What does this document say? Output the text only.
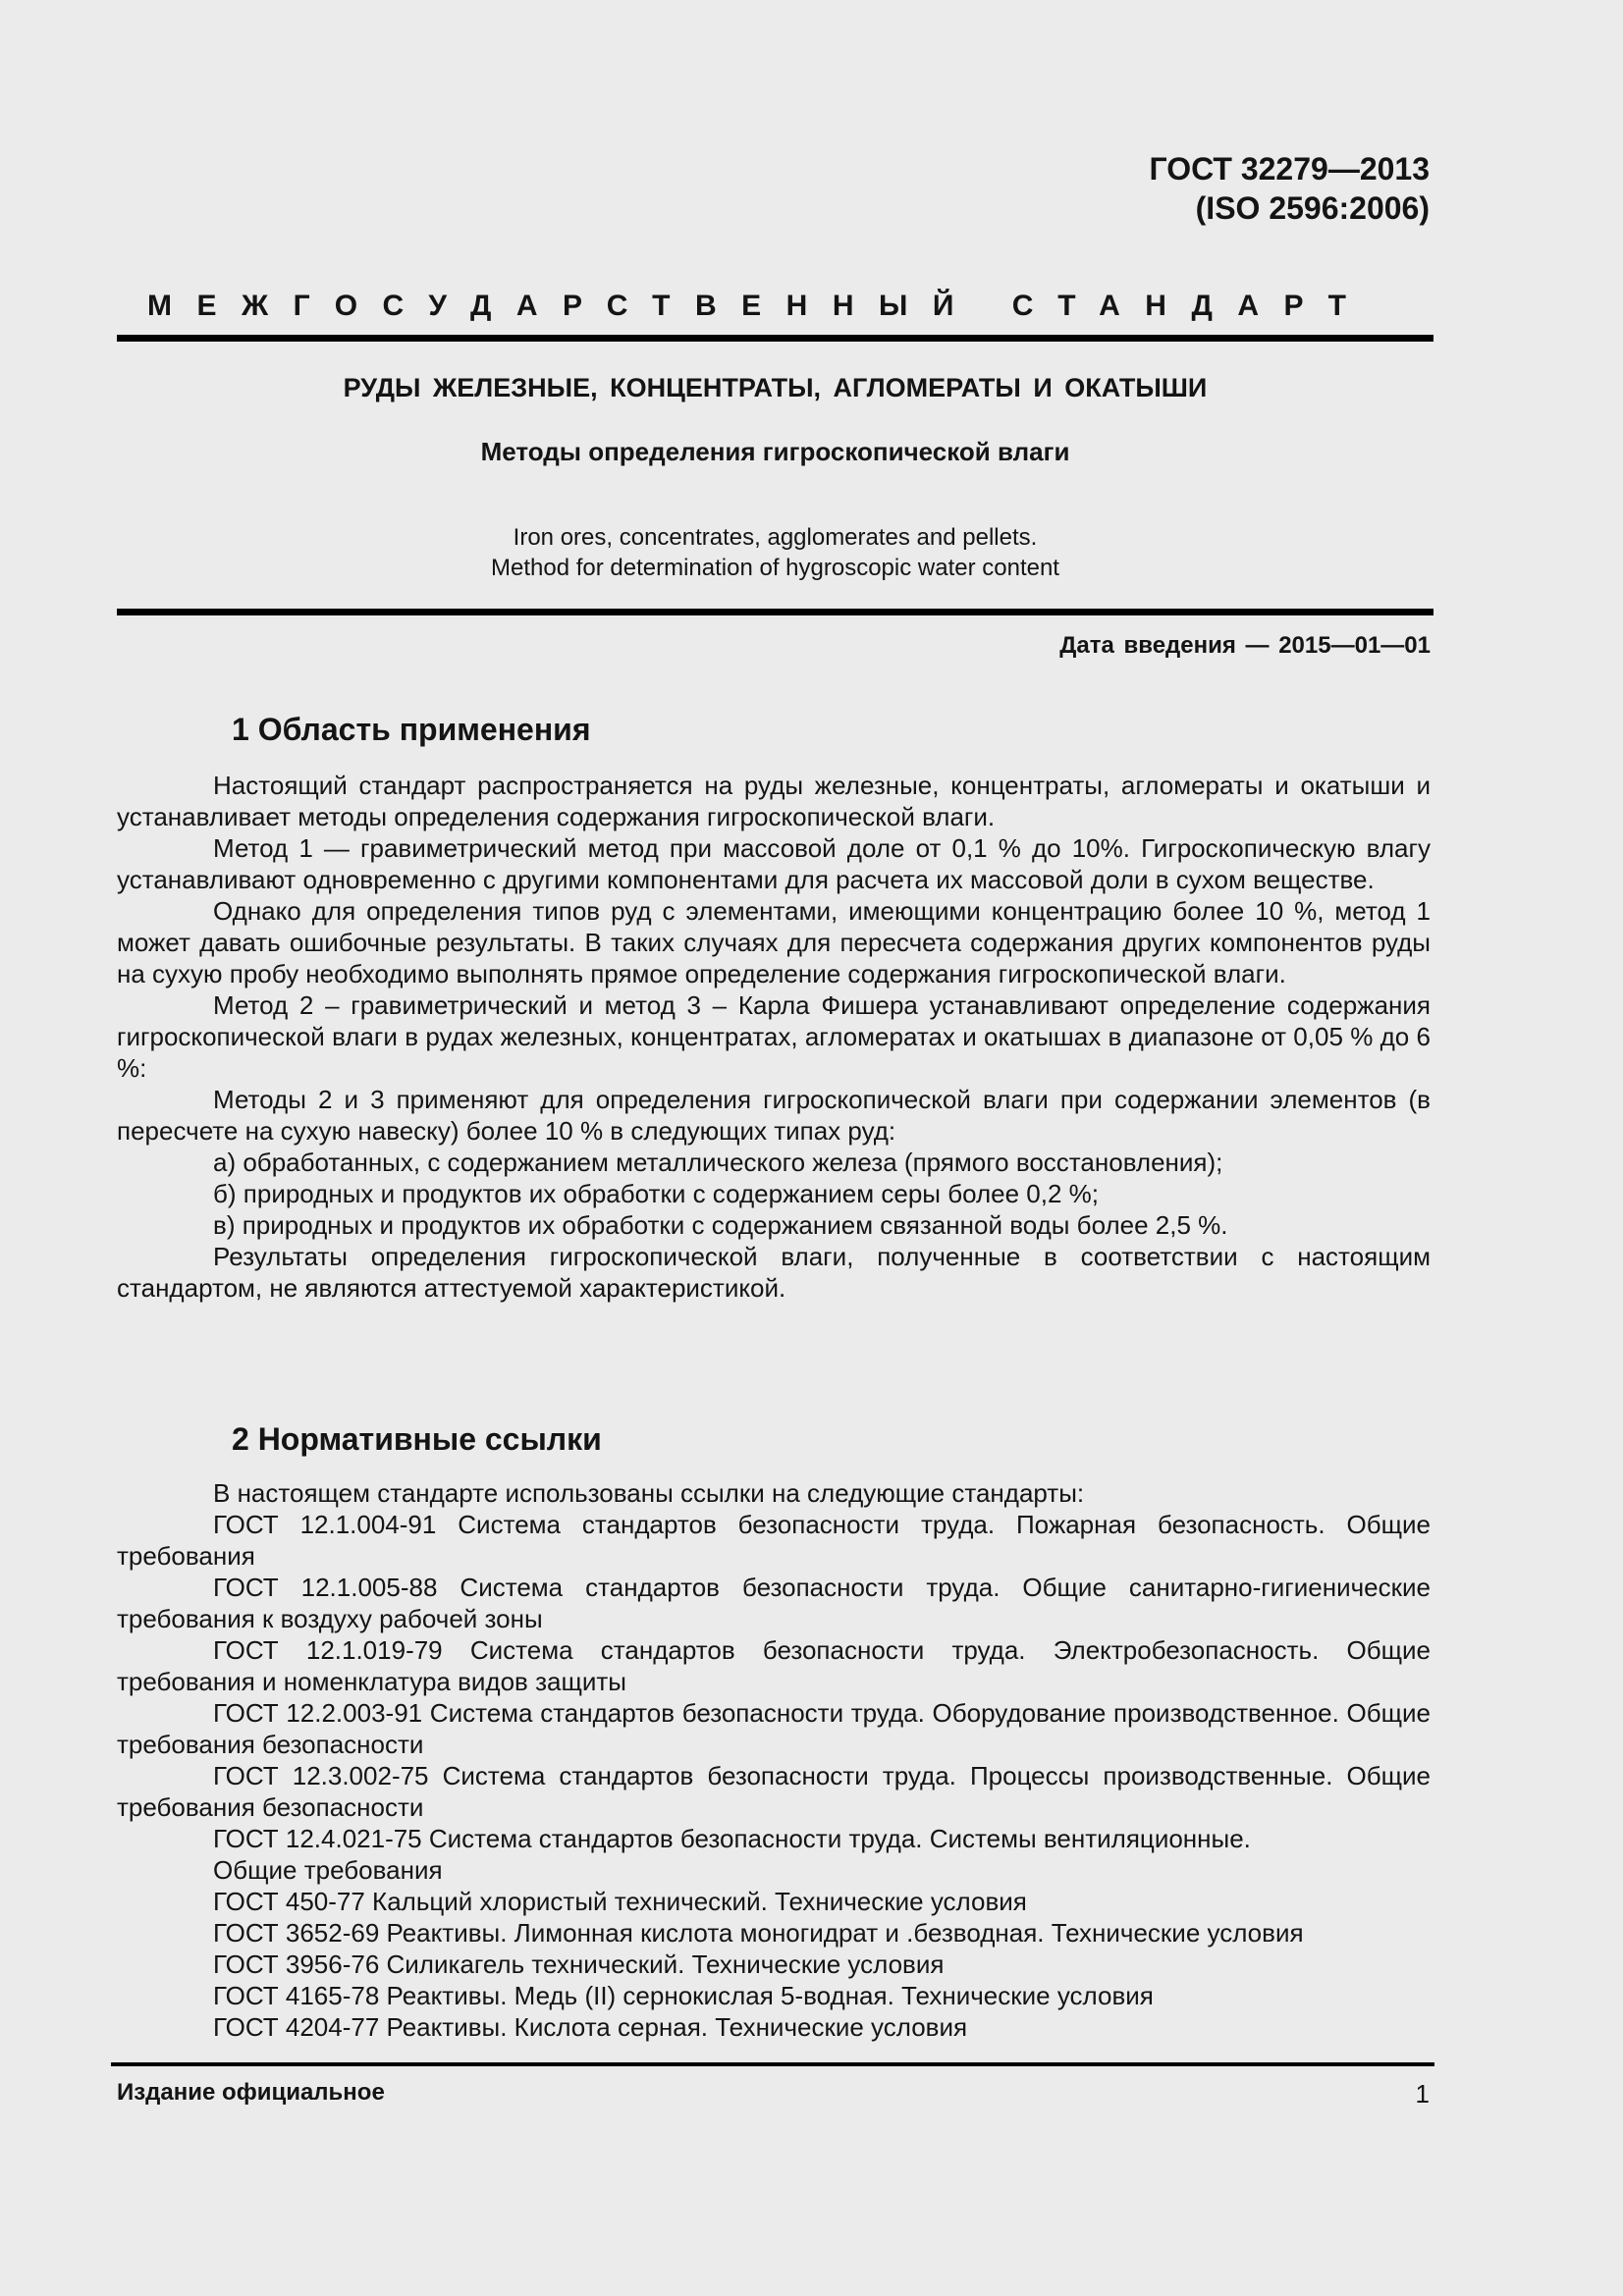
ГОСТ 32279—2013
(ISO 2596:2006)
МЕЖГОСУДАРСТВЕННЫЙ СТАНДАРТ
РУДЫ ЖЕЛЕЗНЫЕ, КОНЦЕНТРАТЫ, АГЛОМЕРАТЫ И ОКАТЫШИ
Методы определения гигроскопической влаги
Iron ores, concentrates, agglomerates and pellets.
Method for determination of hygroscopic water content
Дата введения — 2015—01—01
1 Область применения

Настоящий стандарт распространяется на руды железные, концентраты, агломераты и окатыши и устанавливает методы определения содержания гигроскопической влаги.

Метод 1 — гравиметрический метод при массовой доле от 0,1 % до 10%. Гигроскопическую влагу устанавливают одновременно с другими компонентами для расчета их массовой доли в сухом веществе.

Однако для определения типов руд с элементами, имеющими концентрацию более 10 %, метод 1 может давать ошибочные результаты. В таких случаях для пересчета содержания других компонентов руды на сухую пробу необходимо выполнять прямое определение содержания гигроскопической влаги.

Метод 2 – гравиметрический и метод 3 – Карла Фишера устанавливают определение содержания гигроскопической влаги в рудах железных, концентратах, агломератах и окатышах в диапазоне от 0,05 % до 6 %:

Методы 2 и 3 применяют для определения гигроскопической влаги при содержании элементов (в пересчете на сухую навеску) более 10 % в следующих типах руд:

а) обработанных, с содержанием металлического железа (прямого восстановления);

б) природных и продуктов их обработки с содержанием серы более 0,2 %;

в) природных и продуктов их обработки с содержанием связанной воды более 2,5 %.

Результаты определения гигроскопической влаги, полученные в соответствии с настоящим стандартом, не являются аттестуемой характеристикой.

2 Нормативные ссылки

В настоящем стандарте использованы ссылки на следующие стандарты:

ГОСТ 12.1.004-91 Система стандартов безопасности труда. Пожарная безопасность. Общие требования

ГОСТ 12.1.005-88 Система стандартов безопасности труда. Общие санитарно-гигиенические требования к воздуху рабочей зоны

ГОСТ 12.1.019-79 Система стандартов безопасности труда. Электробезопасность. Общие требования и номенклатура видов защиты

ГОСТ 12.2.003-91 Система стандартов безопасности труда. Оборудование производственное. Общие требования безопасности

ГОСТ 12.3.002-75 Система стандартов безопасности труда. Процессы производственные. Общие требования безопасности

ГОСТ 12.4.021-75 Система стандартов безопасности труда. Системы вентиляционные.

Общие требования

ГОСТ 450-77 Кальций хлористый технический. Технические условия

ГОСТ 3652-69 Реактивы. Лимонная кислота моногидрат и .безводная. Технические условия

ГОСТ 3956-76 Силикагель технический. Технические условия

ГОСТ 4165-78 Реактивы. Медь (II) сернокислая 5-водная. Технические условия

ГОСТ 4204-77 Реактивы. Кислота серная. Технические условия

Издание официальное	1
